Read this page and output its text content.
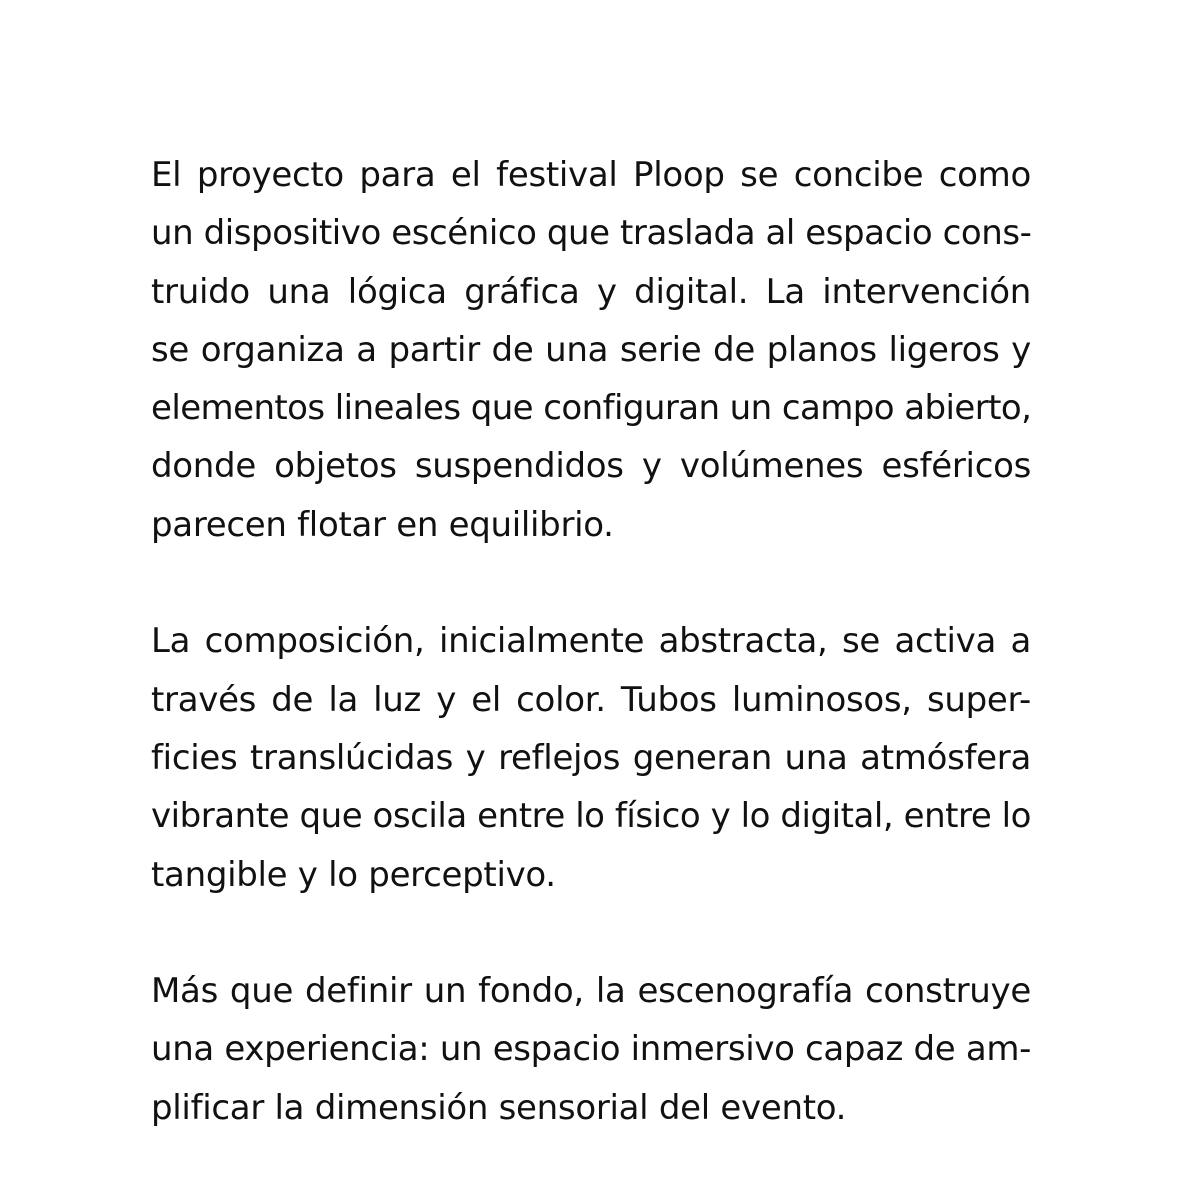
El proyecto para el festival Ploop se concibe como
un dispositivo escénico que traslada al espacio cons-
truido una lógica gráfica y digital. La intervención
se organiza a partir de una serie de planos ligeros y
elementos lineales que configuran un campo abierto,
donde objetos suspendidos y volúmenes esféricos
parecen flotar en equilibrio.

La composición, inicialmente abstracta, se activa a
través de la luz y el color. Tubos luminosos, super-
ficies translúcidas y reflejos generan una atmósfera
vibrante que oscila entre lo físico y lo digital, entre lo
tangible y lo perceptivo.

Más que definir un fondo, la escenografía construye
una experiencia: un espacio inmersivo capaz de am-
plificar la dimensión sensorial del evento.
